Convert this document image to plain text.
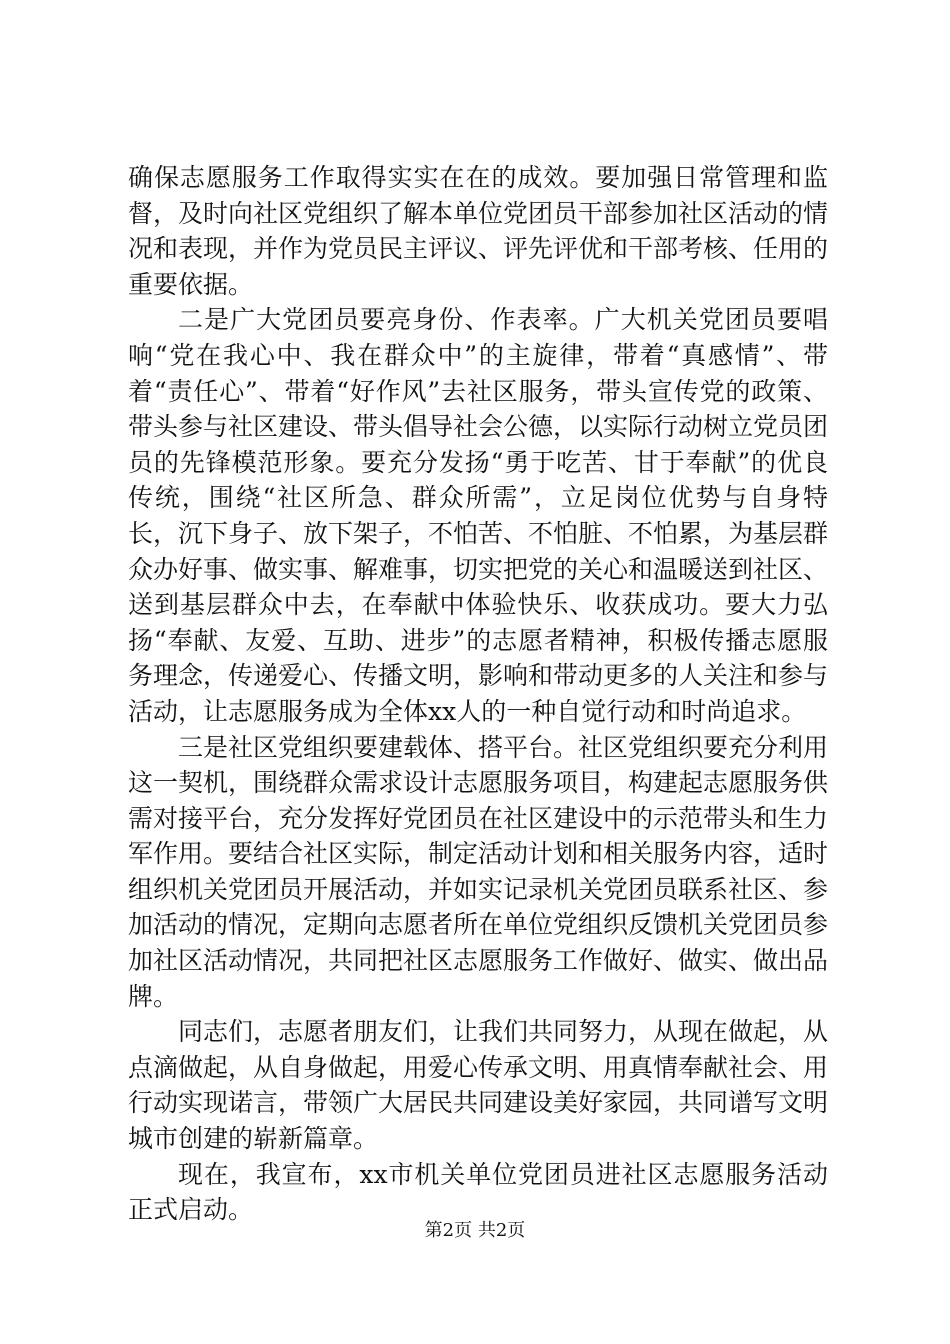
确保志愿服务工作取得实实在在的成效。要加强日常管理和监督，及时向社区党组织了解本单位党团员干部参加社区活动的情况和表现，并作为党员民主评议、评先评优和干部考核、任用的重要依据。

二是广大党团员要亮身份、作表率。广大机关党团员要唱响“党在我心中、我在群众中”的主旋律，带着“真感情”、带着“责任心”、带着“好作风”去社区服务，带头宣传党的政策、带头参与社区建设、带头倡导社会公德，以实际行动树立党员团员的先锋模范形象。要充分发扬“勇于吃苦、甘于奉献”的优良传统，围绕“社区所急、群众所需”，立足岗位优势与自身特长，沉下身子、放下架子，不怕苦、不怕脏、不怕累，为基层群众办好事、做实事、解难事，切实把党的关心和温暖送到社区、送到基层群众中去，在奉献中体验快乐、收获成功。要大力弘扬“奉献、友爱、互助、进步”的志愿者精神，积极传播志愿服务理念，传递爱心、传播文明，影响和带动更多的人关注和参与活动，让志愿服务成为全体xx人的一种自觉行动和时尚追求。

三是社区党组织要建载体、搭平台。社区党组织要充分利用这一契机，围绕群众需求设计志愿服务项目，构建起志愿服务供需对接平台，充分发挥好党团员在社区建设中的示范带头和生力军作用。要结合社区实际，制定活动计划和相关服务内容，适时组织机关党团员开展活动，并如实记录机关党团员联系社区、参加活动的情况，定期向志愿者所在单位党组织反馈机关党团员参加社区活动情况，共同把社区志愿服务工作做好、做实、做出品牌。

同志们，志愿者朋友们，让我们共同努力，从现在做起，从点滴做起，从自身做起，用爱心传承文明、用真情奉献社会、用行动实现诺言，带领广大居民共同建设美好家园，共同谱写文明城市创建的崭新篇章。

现在，我宣布，xx市机关单位党团员进社区志愿服务活动正式启动。

第2页 共2页
